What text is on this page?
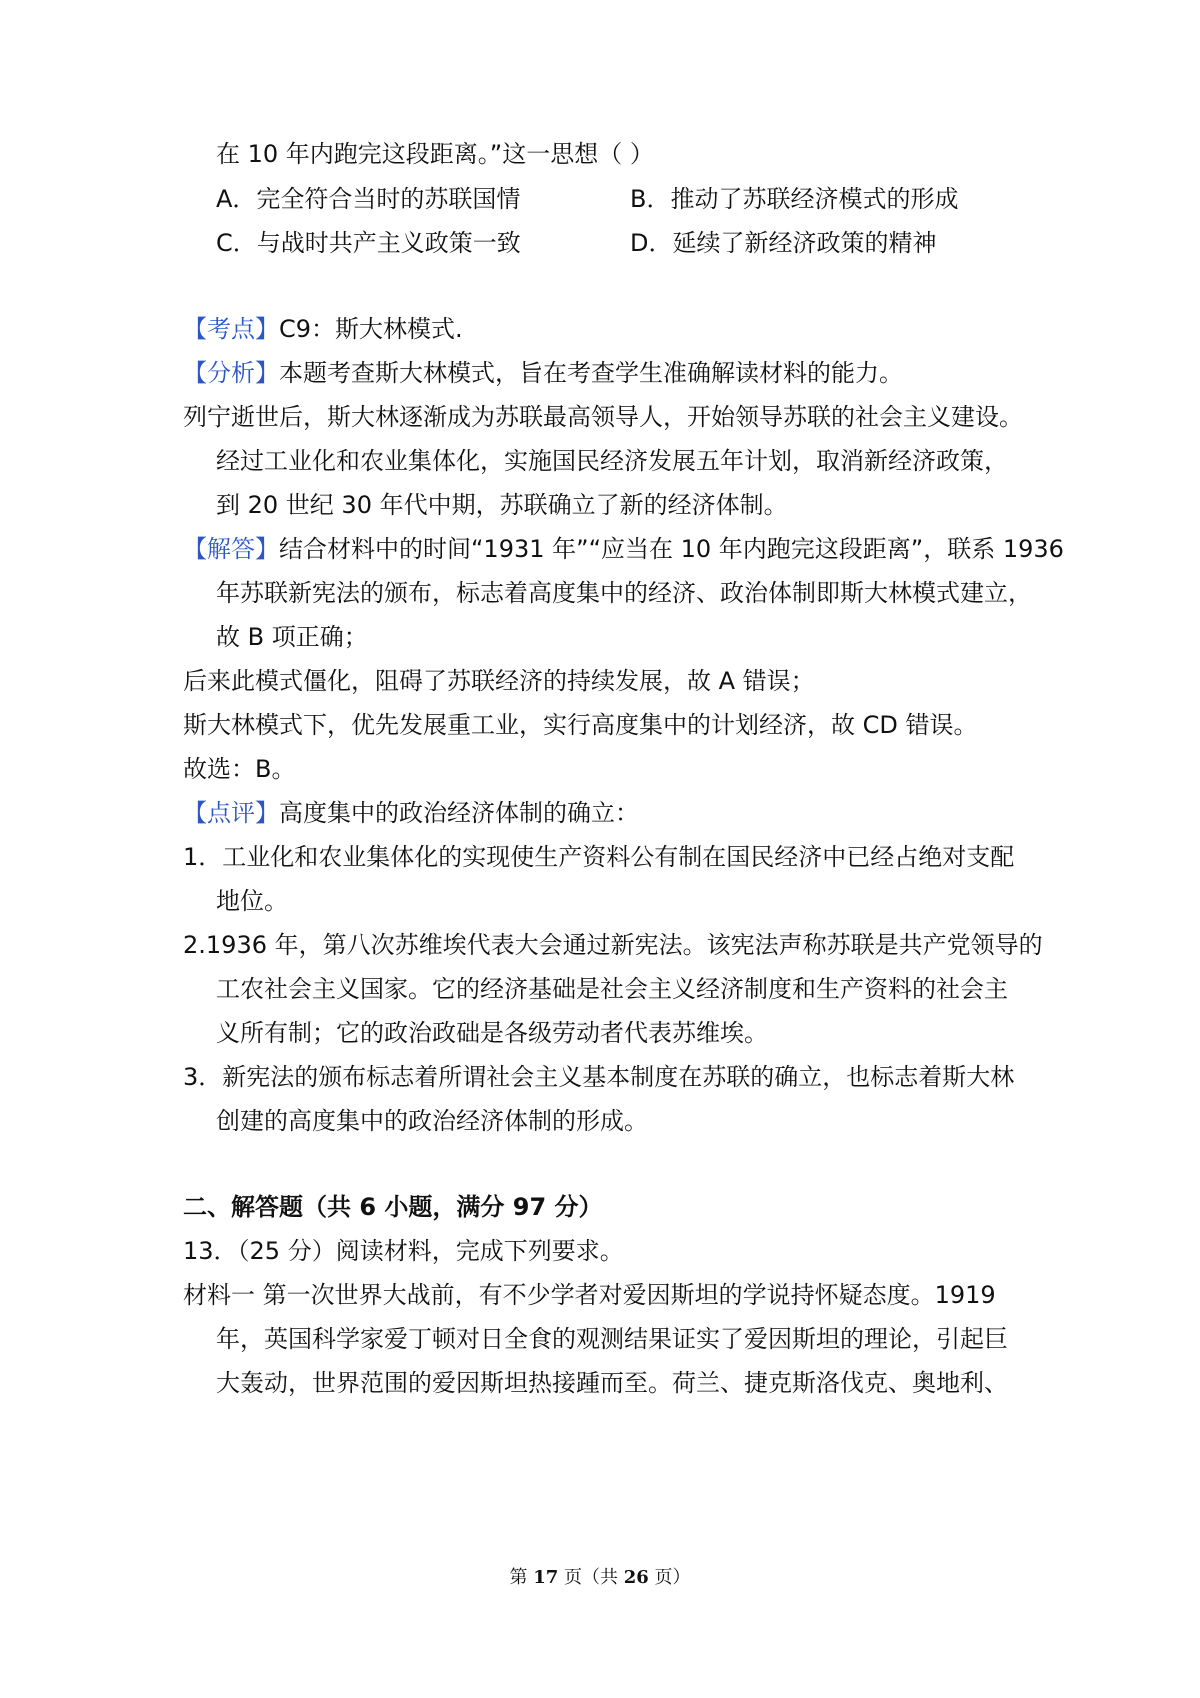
在 10 年内跑完这段距离。”这一思想（ ）
A．完全符合当时的苏联国情	B．推动了苏联经济模式的形成
C．与战时共产主义政策一致	D．延续了新经济政策的精神
【考点】C9：斯大林模式.
【分析】本题考查斯大林模式，旨在考查学生准确解读材料的能力。
列宁逝世后，斯大林逐渐成为苏联最高领导人，开始领导苏联的社会主义建设。
经过工业化和农业集体化，实施国民经济发展五年计划，取消新经济政策，
到 20 世纪 30 年代中期，苏联确立了新的经济体制。
【解答】结合材料中的时间“1931 年”“应当在 10 年内跑完这段距离”，联系 1936
年苏联新宪法的颁布，标志着高度集中的经济、政治体制即斯大林模式建立，
故 B 项正确；
后来此模式僵化，阻碍了苏联经济的持续发展，故 A 错误；
斯大林模式下，优先发展重工业，实行高度集中的计划经济，故 CD 错误。
故选：B。
【点评】高度集中的政治经济体制的确立：
1．工业化和农业集体化的实现使生产资料公有制在国民经济中已经占绝对支配
地位。
2.1936 年，第八次苏维埃代表大会通过新宪法。该宪法声称苏联是共产党领导的
工农社会主义国家。它的经济基础是社会主义经济制度和生产资料的社会主
义所有制；它的政治政础是各级劳动者代表苏维埃。
3．新宪法的颁布标志着所谓社会主义基本制度在苏联的确立，也标志着斯大林
创建的高度集中的政治经济体制的形成。
二、解答题（共 6 小题，满分 97 分）
13．（25 分）阅读材料，完成下列要求。
材料一 第一次世界大战前，有不少学者对爱因斯坦的学说持怀疑态度。1919
年，英国科学家爱丁顿对日全食的观测结果证实了爱因斯坦的理论，引起巨
大轰动，世界范围的爱因斯坦热接踵而至。荷兰、捷克斯洛伐克、奥地利、
第 17 页（共 26 页）
